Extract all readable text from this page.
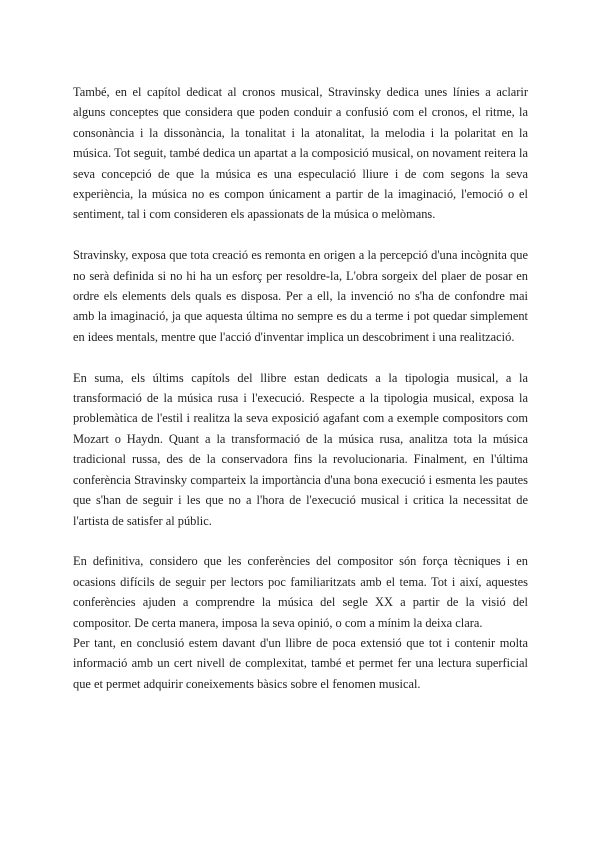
També, en el capítol dedicat al cronos musical, Stravinsky dedica unes línies a aclarir alguns conceptes que considera que poden conduir a confusió com el cronos, el ritme, la consonància i la dissonància, la tonalitat i la atonalitat, la melodia i la polaritat en la música. Tot seguit, també dedica un apartat a la composició musical, on novament reitera la seva concepció de que la música es una especulació lliure i de com segons la seva experiència, la música no es compon únicament a partir de la imaginació, l'emoció o el sentiment, tal i com consideren els apassionats de la música o melòmans.

Stravinsky, exposa que tota creació es remonta en origen a la percepció d'una incògnita que no serà definida si no hi ha un esforç per resoldre-la, L'obra sorgeix del plaer de posar en ordre els elements dels quals es disposa. Per a ell, la invenció no s'ha de confondre mai amb la imaginació, ja que aquesta última no sempre es du a terme i pot quedar simplement en idees mentals, mentre que l'acció d'inventar implica un descobriment i una realització.

En suma, els últims capítols del llibre estan dedicats a la tipologia musical, a la transformació de la música rusa i l'execució. Respecte a la tipologia musical, exposa la problemàtica de l'estil i realitza la seva exposició agafant com a exemple compositors com Mozart o Haydn. Quant a la transformació de la música rusa, analitza tota la música tradicional russa, des de la conservadora fins la revolucionaria. Finalment, en l'última conferència Stravinsky comparteix la importància d'una bona execució i esmenta les pautes que s'han de seguir i les que no a l'hora de l'execució musical i critica la necessitat de l'artista de satisfer al públic.

En definitiva, considero que les conferències del compositor són força tècniques i en ocasions difícils de seguir per lectors poc familiaritzats amb el tema. Tot i així, aquestes conferències ajuden a comprendre la música del segle XX a partir de la visió del compositor. De certa manera, imposa la seva opinió, o com a mínim la deixa clara.

Per tant, en conclusió estem davant d'un llibre de poca extensió que tot i contenir molta informació amb un cert nivell de complexitat, també et permet fer una lectura superficial que et permet adquirir coneixements bàsics sobre el fenomen musical.
